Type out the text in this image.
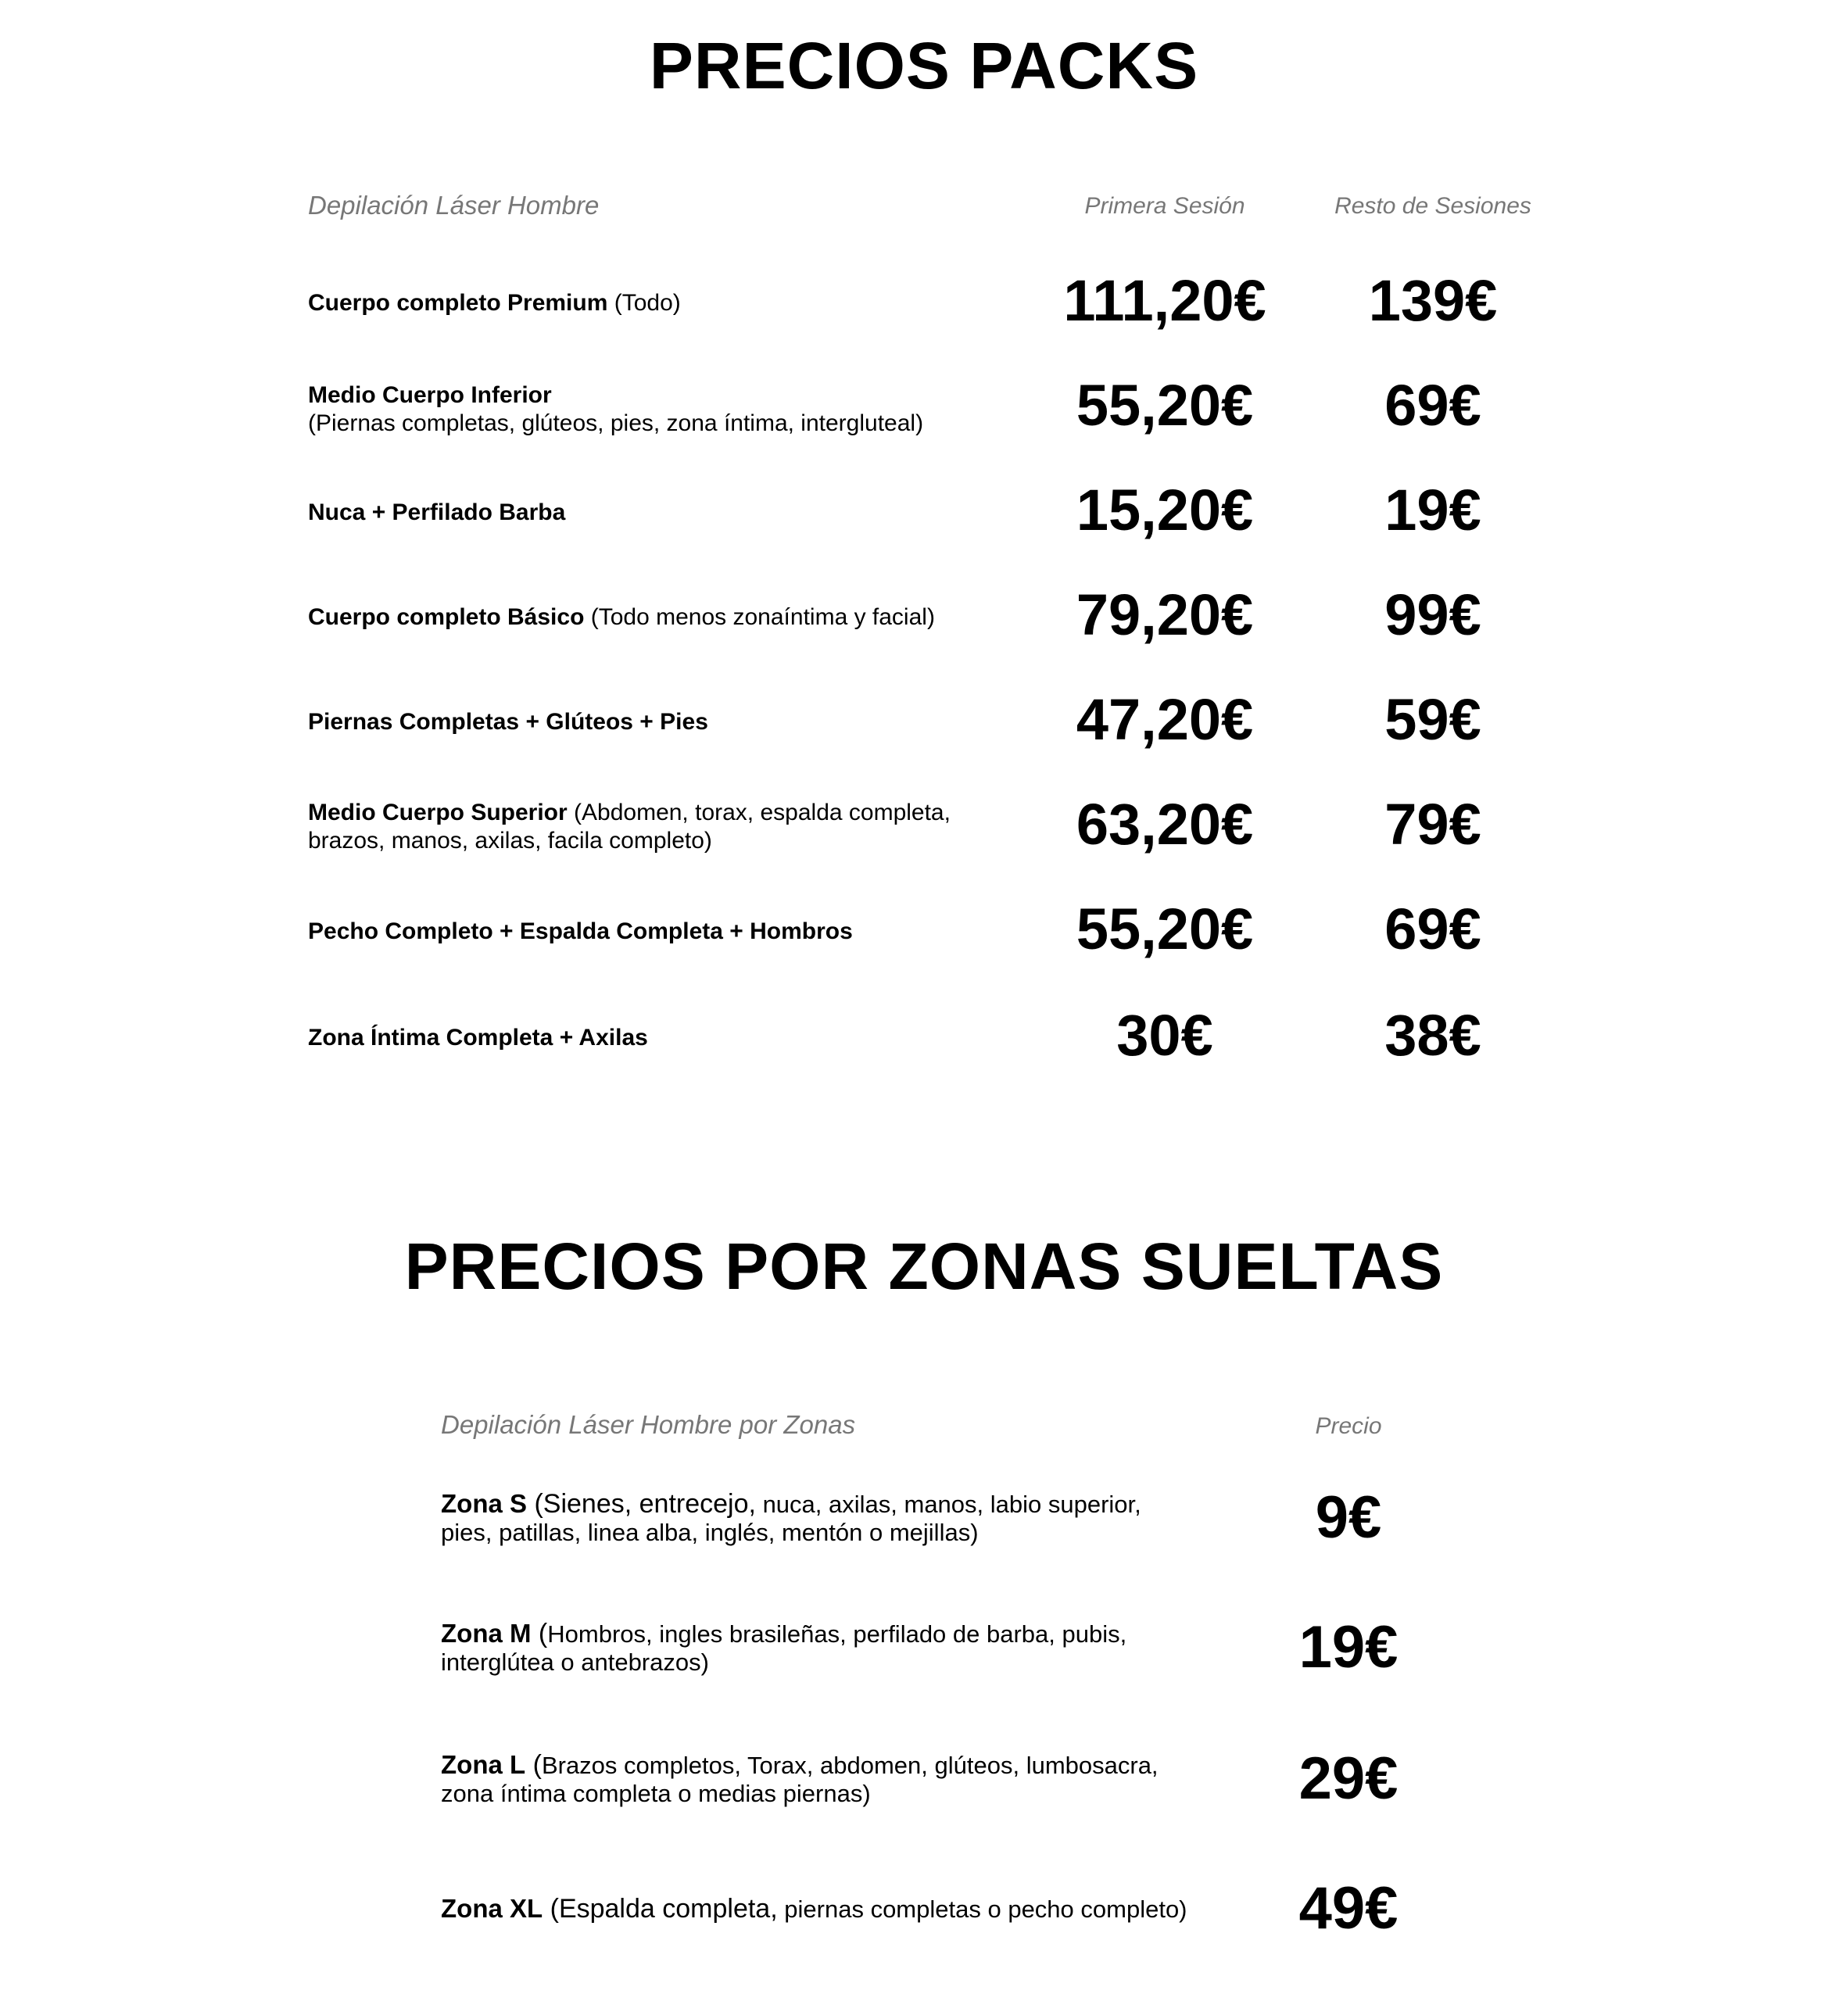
PRECIOS PACKS
Depilación Láser Hombre	Primera Sesión	Resto de Sesiones
Cuerpo completo Premium (Todo)	111,20€	139€
Medio Cuerpo Inferior
(Piernas completas, glúteos, pies, zona íntima, intergluteal)	55,20€	69€
Nuca + Perfilado Barba	15,20€	19€
Cuerpo completo Básico (Todo menos zonaíntima y facial)	79,20€	99€
Piernas Completas + Glúteos + Pies	47,20€	59€
Medio Cuerpo Superior (Abdomen, torax, espalda completa,
brazos, manos, axilas, facila completo)	63,20€	79€
Pecho Completo + Espalda Completa + Hombros	55,20€	69€
Zona Íntima Completa + Axilas	30€	38€
PRECIOS POR ZONAS SUELTAS
Depilación Láser Hombre por Zonas	Precio
Zona S (Sienes, entrecejo, nuca, axilas, manos, labio superior,
pies, patillas, linea alba, inglés, mentón o mejillas)	9€
Zona M (Hombros, ingles brasileñas, perfilado de barba, pubis,
interglútea o antebrazos)	19€
Zona L (Brazos completos, Torax, abdomen, glúteos, lumbosacra,
zona íntima completa o medias piernas)	29€
Zona XL (Espalda completa, piernas completas o pecho completo)	49€
